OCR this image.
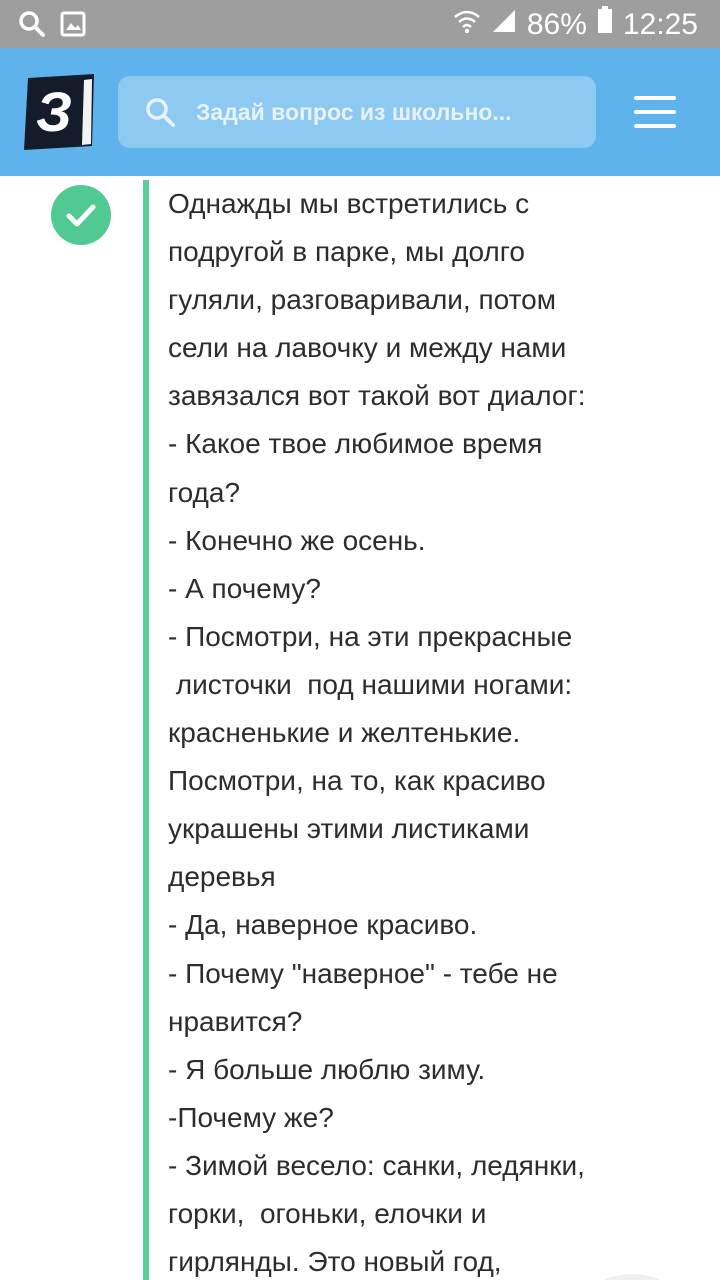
86% 12:25
З	Задай вопрос из школьно...
Однажды мы встретились с
подругой в парке, мы долго
гуляли, разговаривали, потом
сели на лавочку и между нами
завязался вот такой вот диалог:
- Какое твое любимое время
года?
- Конечно же осень.
- А почему?
- Посмотри, на эти прекрасные
листочки  под нашими ногами:
красненькие и желтенькие.
Посмотри, на то, как красиво
украшены этими листиками
деревья
- Да, наверное красиво.
- Почему "наверное" - тебе не
нравится?
- Я больше люблю зиму.
-Почему же?
- Зимой весело: санки, ледянки,
горки,  огоньки, елочки и
гирлянды. Это новый год,
